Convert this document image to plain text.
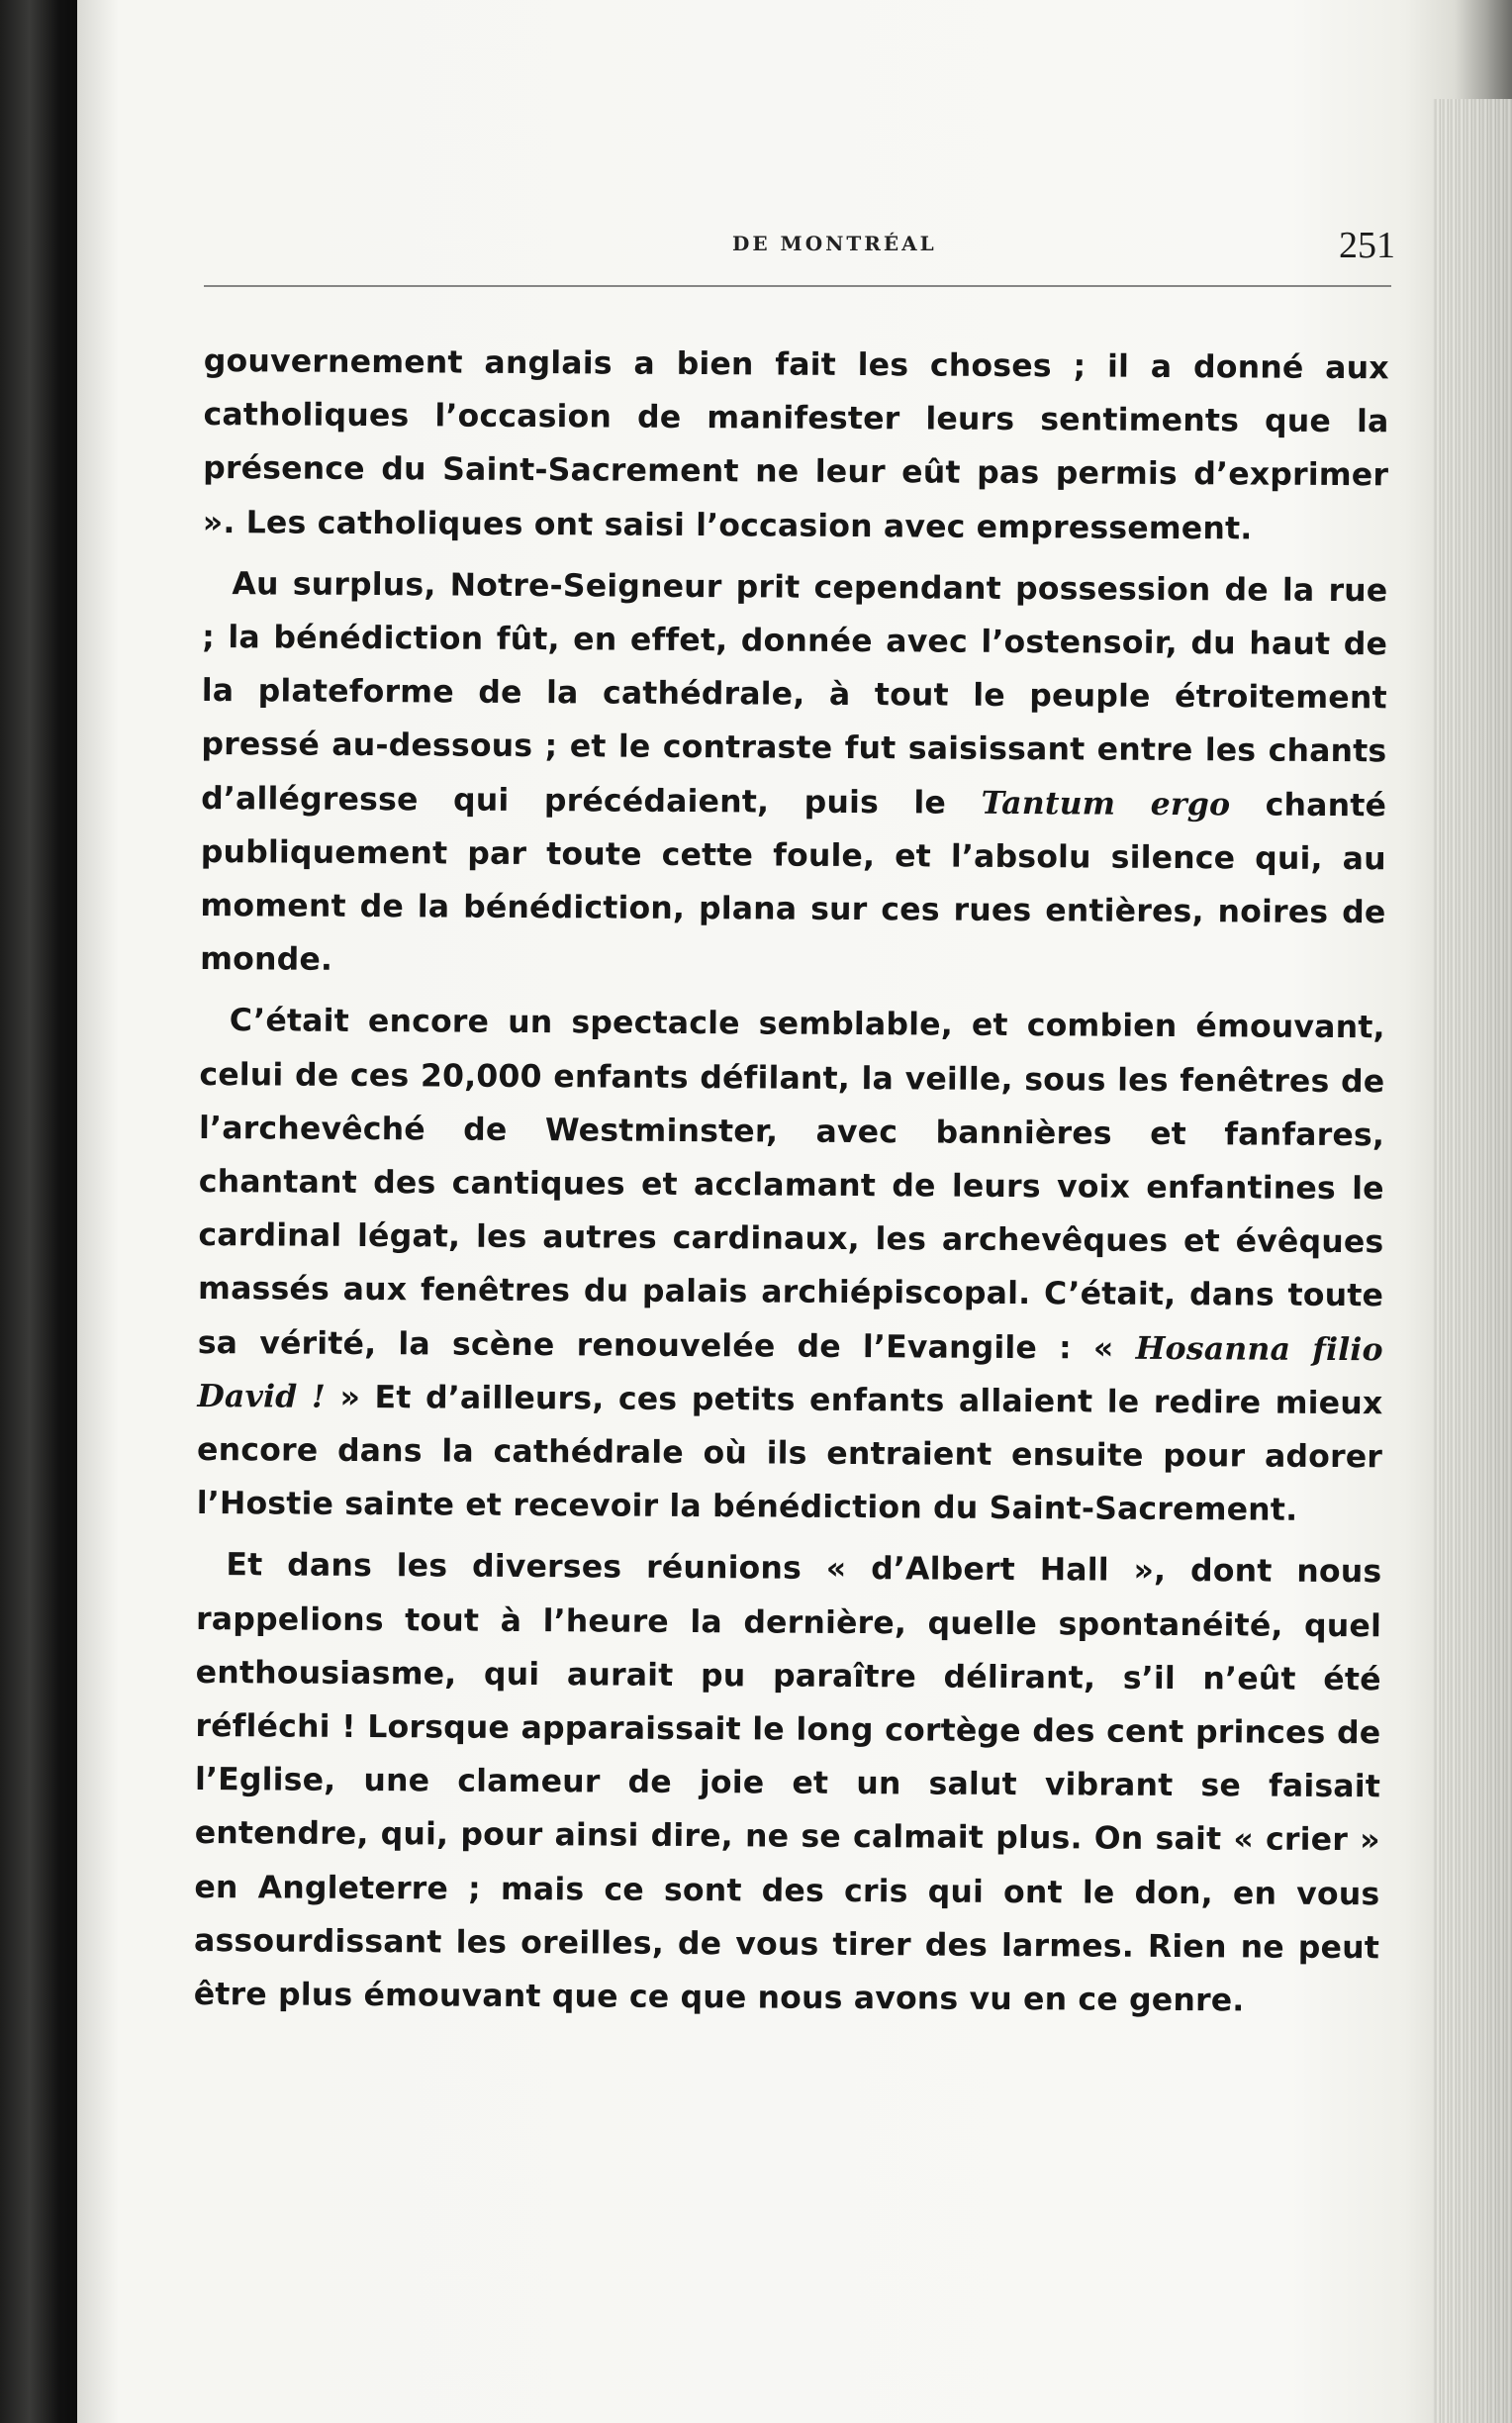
DE MONTRÉAL	251

gouvernement anglais a bien fait les choses ; il a donné aux catholiques l’occasion de manifester leurs sentiments que la présence du Saint-Sacrement ne leur eût pas permis d’exprimer ». Les catholiques ont saisi l’occasion avec empressement.

Au surplus, Notre-Seigneur prit cependant possession de la rue ; la bénédiction fût, en effet, donnée avec l’ostensoir, du haut de la plateforme de la cathédrale, à tout le peuple étroitement pressé au-dessous ; et le contraste fut saisissant entre les chants d’allégresse qui précédaient, puis le Tantum ergo chanté publiquement par toute cette foule, et l’absolu silence qui, au moment de la bénédiction, plana sur ces rues entières, noires de monde.

C’était encore un spectacle semblable, et combien émouvant, celui de ces 20,000 enfants défilant, la veille, sous les fenêtres de l’archevêché de Westminster, avec bannières et fanfares, chantant des cantiques et acclamant de leurs voix enfantines le cardinal légat, les autres cardinaux, les archevêques et évêques massés aux fenêtres du palais archiépiscopal. C’était, dans toute sa vérité, la scène renouvelée de l’Evangile : « Hosanna filio David ! » Et d’ailleurs, ces petits enfants allaient le redire mieux encore dans la cathédrale où ils entraient ensuite pour adorer l’Hostie sainte et recevoir la bénédiction du Saint-Sacrement.

Et dans les diverses réunions « d’Albert Hall », dont nous rappelions tout à l’heure la dernière, quelle spontanéité, quel enthousiasme, qui aurait pu paraître délirant, s’il n’eût été réfléchi ! Lorsque apparaissait le long cortège des cent princes de l’Eglise, une clameur de joie et un salut vibrant se faisait entendre, qui, pour ainsi dire, ne se calmait plus. On sait « crier » en Angleterre ; mais ce sont des cris qui ont le don, en vous assourdissant les oreilles, de vous tirer des larmes. Rien ne peut être plus émouvant que ce que nous avons vu en ce genre.
